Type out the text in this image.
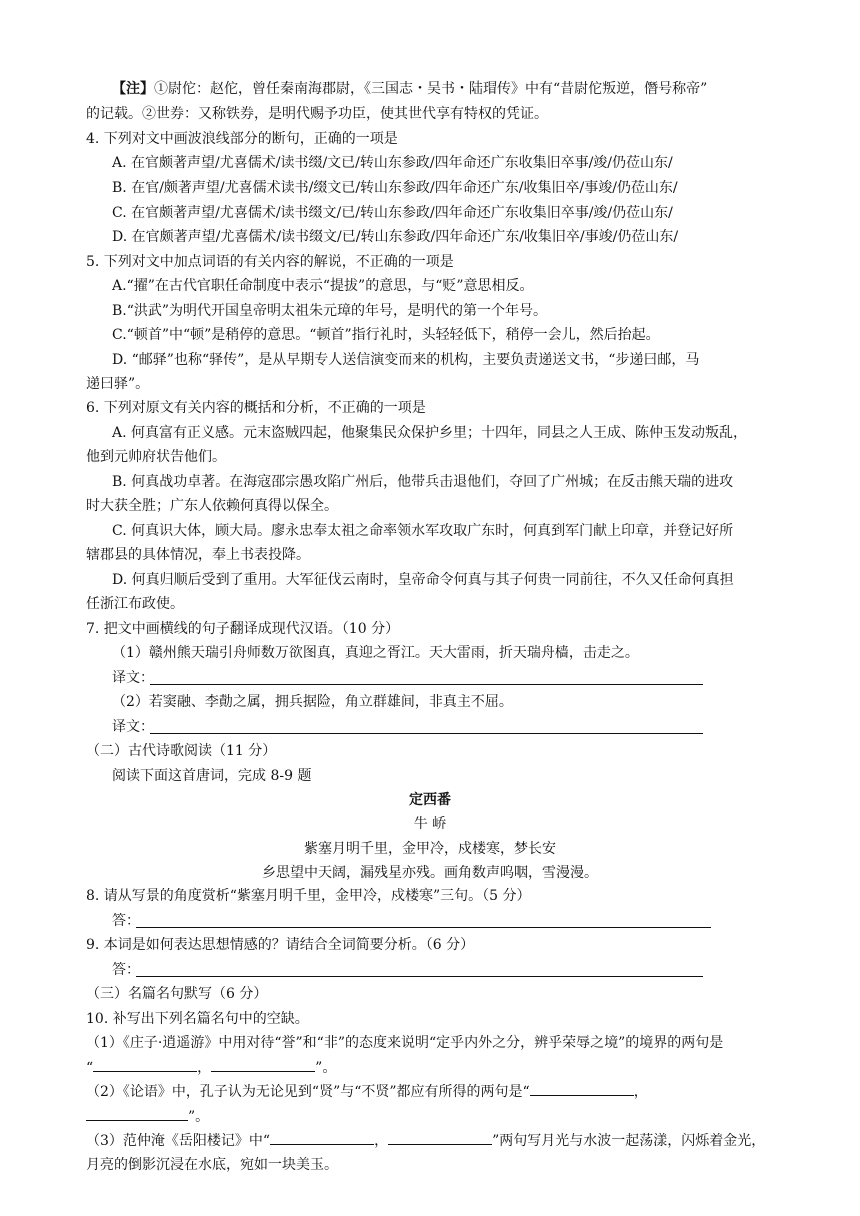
【注】①尉佗：赵佗，曾任秦南海郡尉，《三国志・吴书・陆瑁传》中有“昔尉佗叛逆，僭号称帝”
的记载。②世券：又称铁券，是明代赐予功臣，使其世代享有特权的凭证。
4. 下列对文中画波浪线部分的断句，正确的一项是
A. 在官颇著声望/尤喜儒术/读书缀/文已/转山东参政/四年命还广东收集旧卒事/竣/仍莅山东/
B. 在官/颇著声望/尤喜儒术读书/缀文已/转山东参政/四年命还广东/收集旧卒/事竣/仍莅山东/
C. 在官颇著声望/尤喜儒术/读书缀文/已/转山东参政/四年命还广东收集旧卒事/竣/仍莅山东/
D. 在官颇著声望/尤喜儒术/读书缀文/已/转山东参政/四年命还广东/收集旧卒/事竣/仍莅山东/
5. 下列对文中加点词语的有关内容的解说，不正确的一项是
A.“擢”在古代官职任命制度中表示“提拔”的意思，与“贬”意思相反。
B.“洪武”为明代开国皇帝明太祖朱元璋的年号，是明代的第一个年号。
C.“顿首”中“顿”是稍停的意思。“顿首”指行礼时，头轻轻低下，稍停一会儿，然后抬起。
D. “邮驿”也称“驿传”，是从早期专人送信演变而来的机构，主要负责递送文书，“步递曰邮，马
递曰驿”。
6. 下列对原文有关内容的概括和分析，不正确的一项是
A. 何真富有正义感。元末盗贼四起，他聚集民众保护乡里；十四年，同县之人王成、陈仲玉发动叛乱，
他到元帅府状告他们。
B. 何真战功卓著。在海寇邵宗愚攻陷广州后，他带兵击退他们，夺回了广州城；在反击熊天瑞的进攻
时大获全胜；广东人依赖何真得以保全。
C. 何真识大体，顾大局。廖永忠奉太祖之命率领水军攻取广东时，何真到军门献上印章，并登记好所
辖郡县的具体情况，奉上书表投降。
D. 何真归顺后受到了重用。大军征伐云南时，皇帝命令何真与其子何贵一同前往，不久又任命何真担
任浙江布政使。
7. 把文中画横线的句子翻译成现代汉语。（10 分）
（1）赣州熊天瑞引舟师数万欲图真，真迎之胥江。天大雷雨，折天瑞舟樯，击走之。
译文：
（2）若窦融、李勣之属，拥兵据险，角立群雄间，非真主不屈。
译文：
（二）古代诗歌阅读（11 分）
阅读下面这首唐词，完成 8-9 题
定西番
牛 峤
紫塞月明千里，金甲冷，戍楼寒，梦长安
乡思望中天阔，漏残星亦残。画角数声呜咽，雪漫漫。
8. 请从写景的角度赏析“紫塞月明千里，金甲冷，戍楼寒”三句。（5 分）
答：
9. 本词是如何表达思想情感的？请结合全词简要分析。（6 分）
答：
（三）名篇名句默写（6 分）
10. 补写出下列名篇名句中的空缺。
（1）《庄子·逍遥游》中用对待“誉”和“非”的态度来说明“定乎内外之分，辨乎荣辱之境”的境界的两句是
“	，	”。
（2）《论语》中，孔子认为无论见到“贤”与“不贤”都应有所得的两句是“	，
”。
（3）范仲淹《岳阳楼记》中“	，	”两句写月光与水波一起荡漾，闪烁着金光，
月亮的倒影沉浸在水底，宛如一块美玉。
